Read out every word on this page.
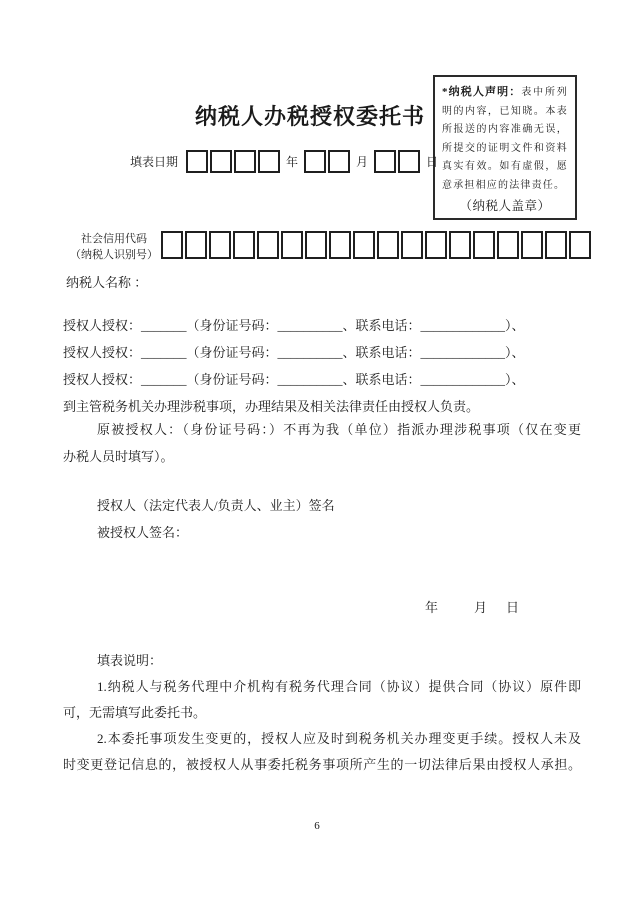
纳税人办税授权委托书
*纳税人声明：表中所列明的内容，已知晓。本表所报送的内容准确无误，所提交的证明文件和资料真实有效。如有虚假，愿意承担相应的法律责任。
（纳税人盖章）
填表日期	年	月	日
社会信用代码
（纳税人识别号）
纳税人名称 ：
授权人授权：_______（身份证号码：__________、联系电话：_____________）、
授权人授权：_______（身份证号码：__________、联系电话：_____________）、
授权人授权：_______（身份证号码：__________、联系电话：_____________）、
到主管税务机关办理涉税事项，办理结果及相关法律责任由授权人负责。
原被授权人：（身份证号码：）不再为我（单位）指派办理涉税事项（仅在变更
办税人员时填写）。
授权人（法定代表人/负责人、业主）签名
被授权人签名：
年	月 日
填表说明：
1.纳税人与税务代理中介机构有税务代理合同（协议）提供合同（协议）原件即
可，无需填写此委托书。
2.本委托事项发生变更的，授权人应及时到税务机关办理变更手续。授权人未及
时变更登记信息的，被授权人从事委托税务事项所产生的一切法律后果由授权人承担。
6
